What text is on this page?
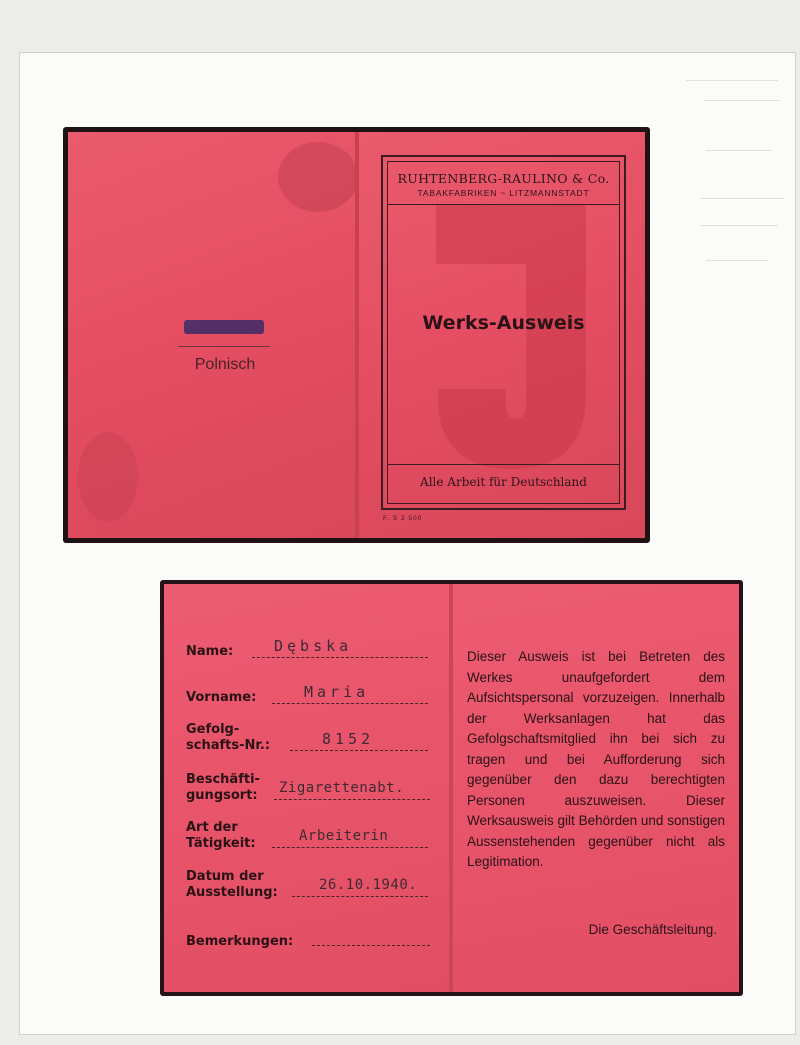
Polnisch
RUHTENBERG-RAULINO & Co.
TABAKFABRIKEN ~ LITZMANNSTADT
Werks-Ausweis
Alle Arbeit für Deutschland
F. S 2 500
Name:	Dębska
Vorname:	Maria
Gefolg-
schafts-Nr.:	8152
Beschäfti-
gungsort: Zigarettenabt.
Art der
Tätigkeit:	Arbeiterin
Datum der
Ausstellung:	26.10.1940.
Bemerkungen:
Dieser Ausweis ist bei Betreten des Werkes unaufgefordert dem Aufsichtspersonal vorzuzeigen. Innerhalb der Werksanlagen hat das Gefolgschaftsmitglied ihn bei sich zu tragen und bei Aufforderung sich gegenüber den dazu berechtigten Personen auszuweisen. Dieser Werksausweis gilt Behörden und sonstigen Aussenstehenden gegenüber nicht als Legitimation.
Die Geschäftsleitung.
